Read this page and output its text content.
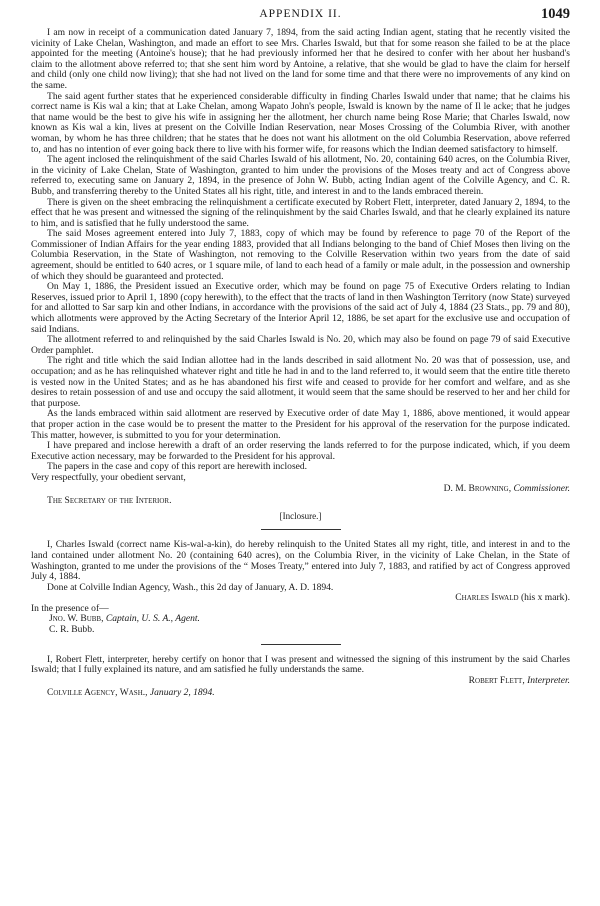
APPENDIX II.	1049

I am now in receipt of a communication dated January 7, 1894, from the said acting Indian agent, stating that he recently visited the vicinity of Lake Chelan, Washington, and made an effort to see Mrs. Charles Iswald, but that for some reason she failed to be at the place appointed for the meeting (Antoine's house); that he had previously informed her that he desired to confer with her about her husband's claim to the allotment above referred to; that she sent him word by Antoine, a relative, that she would be glad to have the claim for herself and child (only one child now living); that she had not lived on the land for some time and that there were no improvements of any kind on the same.

The said agent further states that he experienced considerable difficulty in finding Charles Iswald under that name; that he claims his correct name is Kis wal a kin; that at Lake Chelan, among Wapato John's people, Iswald is known by the name of Il le acke; that he judges that name would be the best to give his wife in assigning her the allotment, her church name being Rose Marie; that Charles Iswald, now known as Kis wal a kin, lives at present on the Colville Indian Reservation, near Moses Crossing of the Columbia River, with another woman, by whom he has three children; that he states that he does not want his allotment on the old Columbia Reservation, above referred to, and has no intention of ever going back there to live with his former wife, for reasons which the Indian deemed satisfactory to himself.

The agent inclosed the relinquishment of the said Charles Iswald of his allotment, No. 20, containing 640 acres, on the Columbia River, in the vicinity of Lake Chelan, State of Washington, granted to him under the provisions of the Moses treaty and act of Congress above referred to, executing same on January 2, 1894, in the presence of John W. Bubb, acting Indian agent of the Colville Agency, and C. R. Bubb, and transferring thereby to the United States all his right, title, and interest in and to the lands embraced therein.

There is given on the sheet embracing the relinquishment a certificate executed by Robert Flett, interpreter, dated January 2, 1894, to the effect that he was present and witnessed the signing of the relinquishment by the said Charles Iswald, and that he clearly explained its nature to him, and is satisfied that he fully understood the same.

The said Moses agreement entered into July 7, 1883, copy of which may be found by reference to page 70 of the Report of the Commissioner of Indian Affairs for the year ending 1883, provided that all Indians belonging to the band of Chief Moses then living on the Columbia Reservation, in the State of Washington, not removing to the Colville Reservation within two years from the date of said agreement, should be entitled to 640 acres, or 1 square mile, of land to each head of a family or male adult, in the possession and ownership of which they should be guaranteed and protected.

On May 1, 1886, the President issued an Executive order, which may be found on page 75 of Executive Orders relating to Indian Reserves, issued prior to April 1, 1890 (copy herewith), to the effect that the tracts of land in then Washington Territory (now State) surveyed for and allotted to Sar sarp kin and other Indians, in accordance with the provisions of the said act of July 4, 1884 (23 Stats., pp. 79 and 80), which allotments were approved by the Acting Secretary of the Interior April 12, 1886, be set apart for the exclusive use and occupation of said Indians.

The allotment referred to and relinquished by the said Charles Iswald is No. 20, which may also be found on page 79 of said Executive Order pamphlet.

The right and title which the said Indian allottee had in the lands described in said allotment No. 20 was that of possession, use, and occupation; and as he has relinquished whatever right and title he had in and to the land referred to, it would seem that the entire title thereto is vested now in the United States; and as he has abandoned his first wife and ceased to provide for her comfort and welfare, and as she desires to retain possession of and use and occupy the said allotment, it would seem that the same should be reserved to her and her child for that purpose.

As the lands embraced within said allotment are reserved by Executive order of date May 1, 1886, above mentioned, it would appear that proper action in the case would be to present the matter to the President for his approval of the reservation for the purpose indicated. This matter, however, is submitted to you for your determination.

I have prepared and inclose herewith a draft of an order reserving the lands referred to for the purpose indicated, which, if you deem Executive action necessary, may be forwarded to the President for his approval.

The papers in the case and copy of this report are herewith inclosed.

Very respectfully, your obedient servant,

D. M. Browning, Commissioner.

The Secretary of the Interior.

[Inclosure.]

I, Charles Iswald (correct name Kis-wal-a-kin), do hereby relinquish to the United States all my right, title, and interest in and to the land contained under allotment No. 20 (containing 640 acres), on the Columbia River, in the vicinity of Lake Chelan, in the State of Washington, granted to me under the provisions of the “ Moses Treaty,” entered into July 7, 1883, and ratified by act of Congress approved July 4, 1884.

Done at Colville Indian Agency, Wash., this 2d day of January, A. D. 1894.

Charles Iswald (his x mark).

In the presence of—

Jno. W. Bubb, Captain, U. S. A., Agent.

C. R. Bubb.

I, Robert Flett, interpreter, hereby certify on honor that I was present and witnessed the signing of this instrument by the said Charles Iswald; that I fully explained its nature, and am satisfied he fully understands the same.

Robert Flett, Interpreter.

Colville Agency, Wash., January 2, 1894.
